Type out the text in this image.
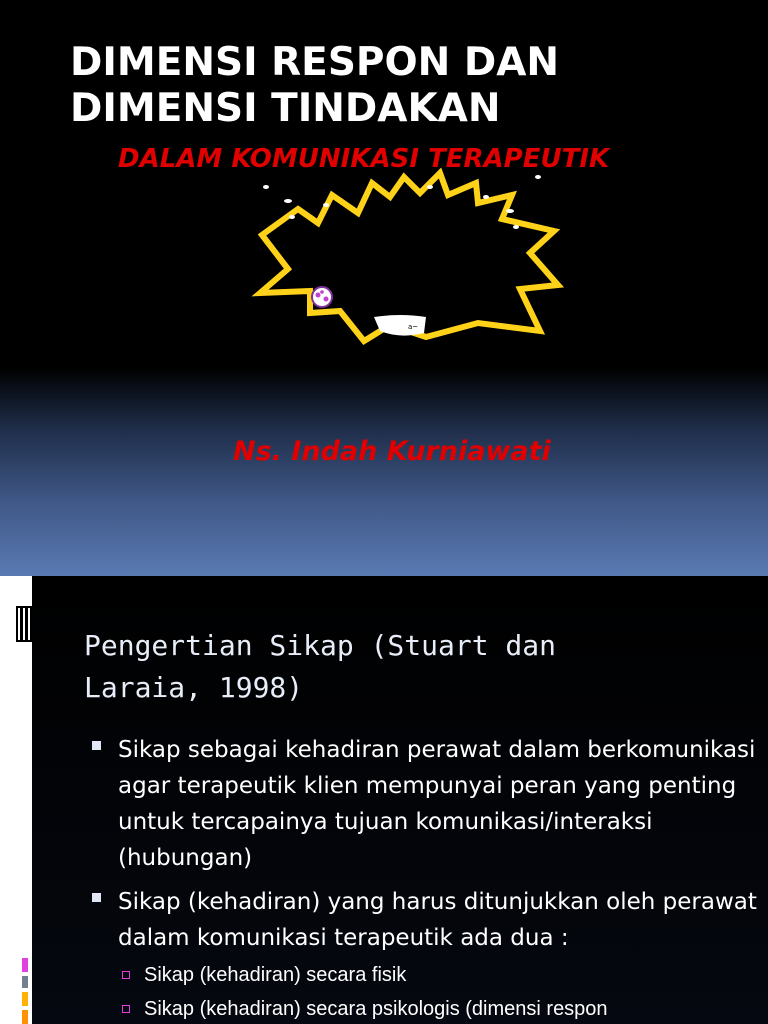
DIMENSI RESPON DAN
DIMENSI TINDAKAN
DALAM KOMUNIKASI TERAPEUTIK
a~
Ns. Indah Kurniawati
Pengertian Sikap (Stuart dan
Laraia, 1998)
Sikap sebagai kehadiran perawat dalam berkomunikasi agar terapeutik klien mempunyai peran yang penting untuk tercapainya tujuan komunikasi/interaksi (hubungan)
Sikap (kehadiran) yang harus ditunjukkan oleh perawat dalam komunikasi terapeutik ada dua :
Sikap (kehadiran) secara fisik
Sikap (kehadiran) secara psikologis (dimensi respon
